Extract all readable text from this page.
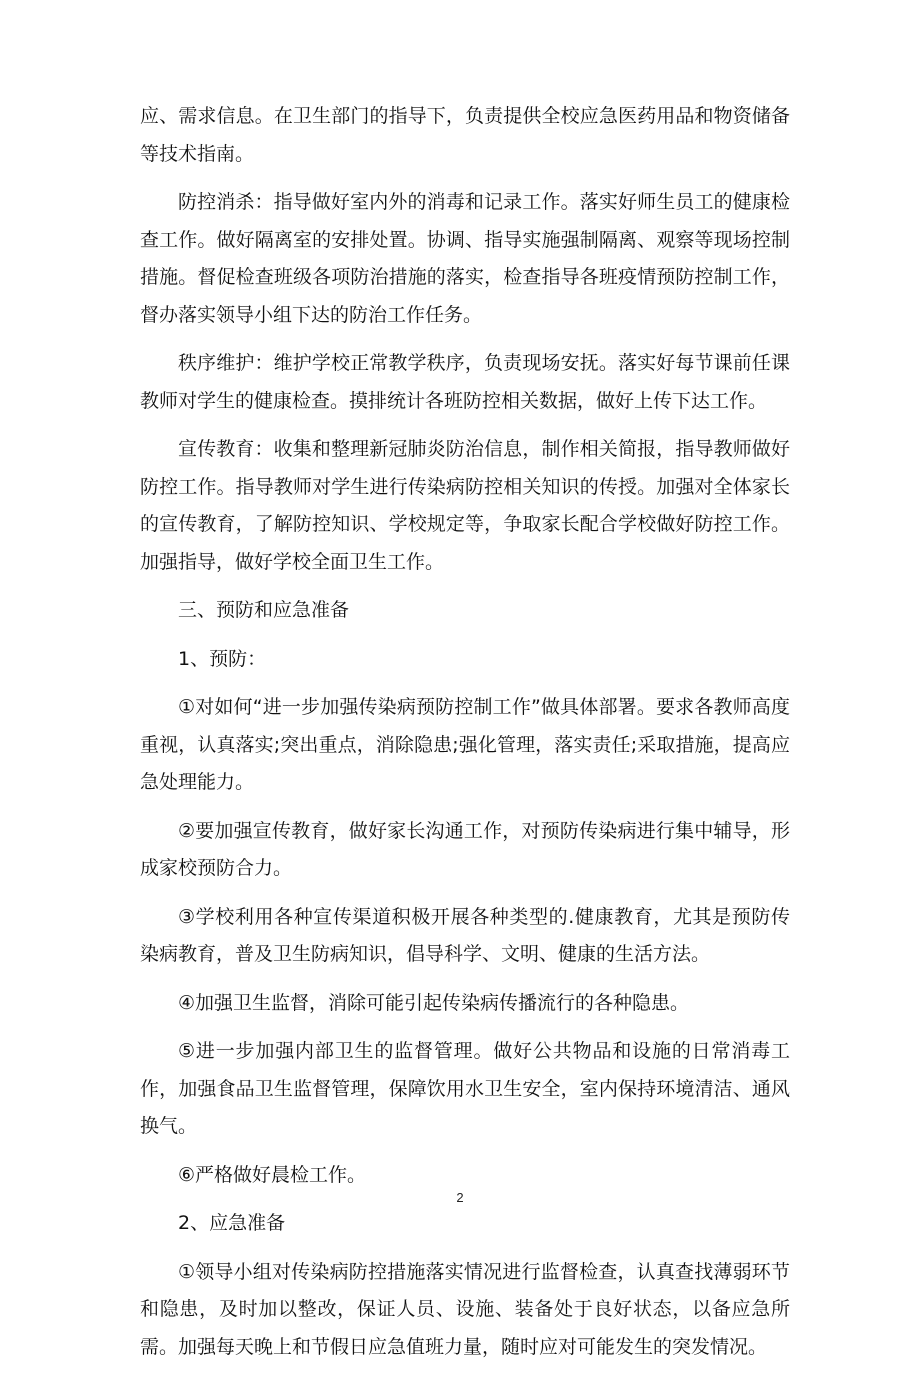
应、需求信息。在卫生部门的指导下，负责提供全校应急医药用品和物资储备等技术指南。

防控消杀：指导做好室内外的消毒和记录工作。落实好师生员工的健康检查工作。做好隔离室的安排处置。协调、指导实施强制隔离、观察等现场控制措施。督促检查班级各项防治措施的落实，检查指导各班疫情预防控制工作，督办落实领导小组下达的防治工作任务。

秩序维护：维护学校正常教学秩序，负责现场安抚。落实好每节课前任课教师对学生的健康检查。摸排统计各班防控相关数据，做好上传下达工作。

宣传教育：收集和整理新冠肺炎防治信息，制作相关简报，指导教师做好防控工作。指导教师对学生进行传染病防控相关知识的传授。加强对全体家长的宣传教育，了解防控知识、学校规定等，争取家长配合学校做好防控工作。加强指导，做好学校全面卫生工作。

三、预防和应急准备

1、预防：

①对如何“进一步加强传染病预防控制工作”做具体部署。要求各教师高度重视，认真落实;突出重点，消除隐患;强化管理，落实责任;采取措施，提高应急处理能力。

②要加强宣传教育，做好家长沟通工作，对预防传染病进行集中辅导，形成家校预防合力。

③学校利用各种宣传渠道积极开展各种类型的.健康教育，尤其是预防传染病教育，普及卫生防病知识，倡导科学、文明、健康的生活方法。

④加强卫生监督，消除可能引起传染病传播流行的各种隐患。

⑤进一步加强内部卫生的监督管理。做好公共物品和设施的日常消毒工作，加强食品卫生监督管理，保障饮用水卫生安全，室内保持环境清洁、通风换气。

⑥严格做好晨检工作。

2、应急准备

①领导小组对传染病防控措施落实情况进行监督检查，认真查找薄弱环节和隐患，及时加以整改，保证人员、设施、装备处于良好状态，以备应急所需。加强每天晚上和节假日应急值班力量，随时应对可能发生的突发情况。

2
